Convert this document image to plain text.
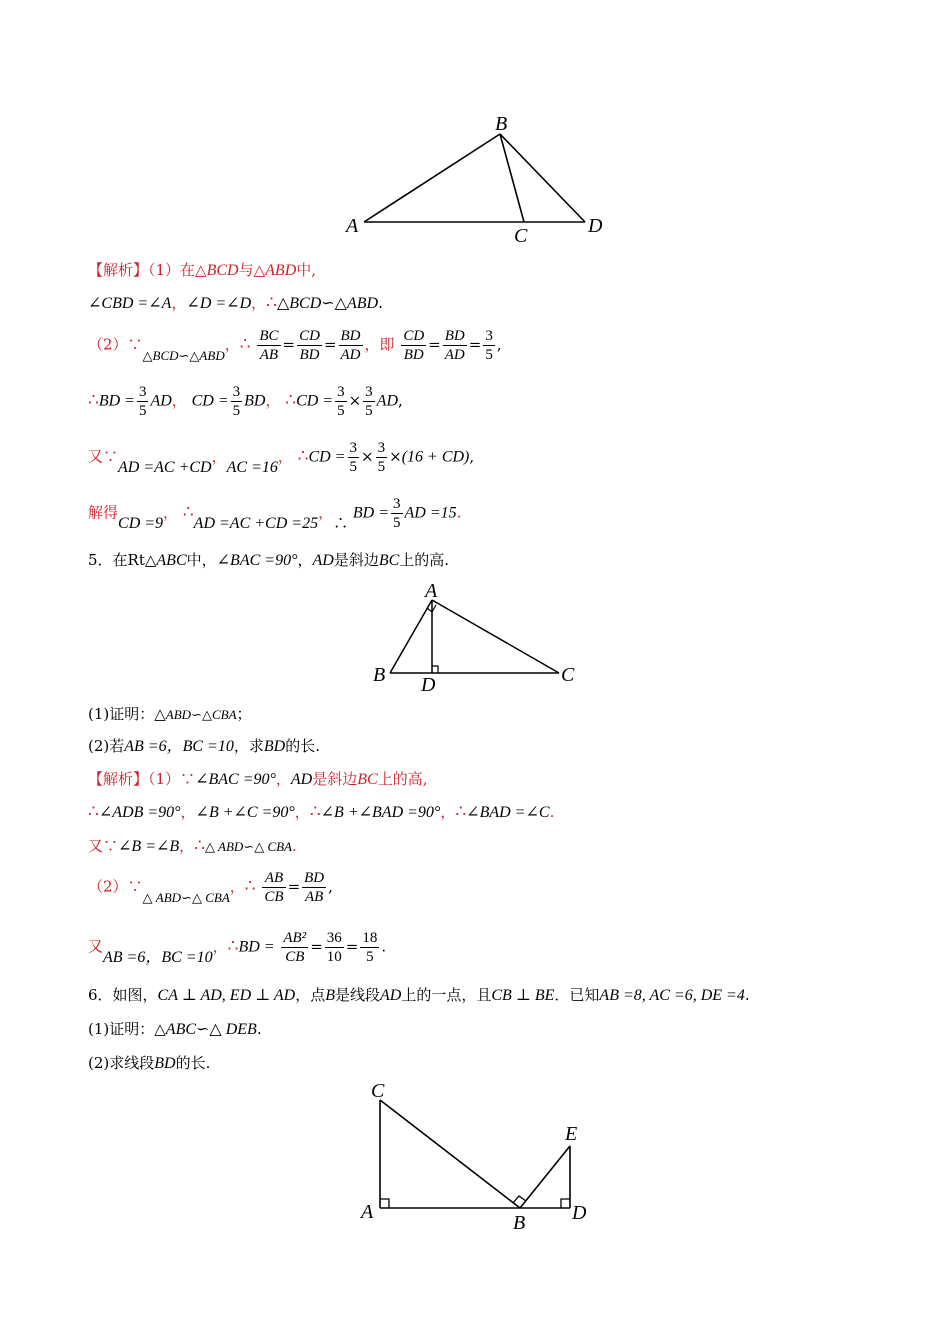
B
A	C	D
【解析】（1）在△BCD与△ABD中,
∠CBD =∠A，∠D =∠D，∴△BCD∽△ABD.
（2）∵△BCD∽△ABD，∴ $\frac{BC}{AB} = \frac{CD}{BD} = \frac{BD}{AD}$ ，即 $\frac{CD}{BD} = \frac{BD}{AD} = \frac{3}{5}$ ,
∴BD = $\frac{3}{5}$ AD， CD = $\frac{3}{5}$ BD， ∴CD = $\frac{3}{5} \times \frac{3}{5}$ AD,
又∵AD =AC +CD，AC =16， ∴CD = $\frac{3}{5} \times \frac{3}{5} \times(16 + CD)$,
解得CD =9， ∴AD =AC +CD =25，∴ BD = $\frac{3}{5}$ AD =15.
5．在Rt△ABC中，∠BAC =90°，AD是斜边BC上的高.
A
B D	C
(1)证明：△ABD∽△CBA；
(2)若AB =6，BC =10，求BD的长.
【解析】（1）∵∠BAC =90°，AD是斜边BC上的高,
∴∠ADB =90°，∠B +∠C =90°，∴∠B +∠BAD =90°，∴∠BAD =∠C.
又∵∠B =∠B，∴△ ABD∽△ CBA.
（2）∵△ ABD∽△ CBA，∴ $\frac{AB}{CB} = \frac{BD}{AB}$ ,
又AB =6，BC =10，∴BD = $\frac{\text{AB²}}{CB} = \frac{36}{10} = \frac{18}{5}$ .
6．如图，CA ⊥ AD, ED ⊥ AD，点B是线段AD上的一点，且CB ⊥ BE．已知AB =8, AC =6, DE =4.
(1)证明：△ABC∽△ DEB.
(2)求线段BD的长.
C
A	B D
E
